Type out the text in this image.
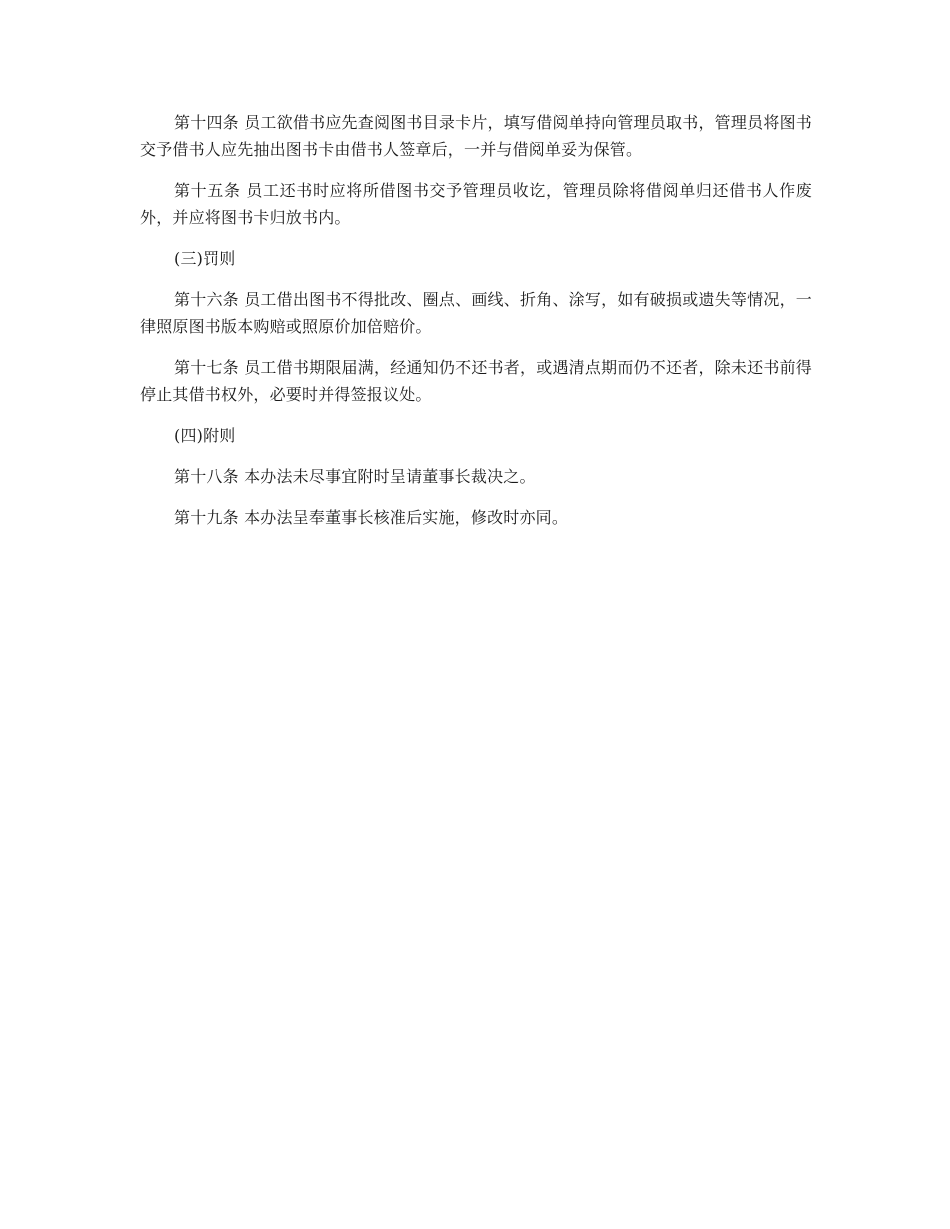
第十四条 员工欲借书应先查阅图书目录卡片，填写借阅单持向管理员取书，管理员将图书交予借书人应先抽出图书卡由借书人签章后，一并与借阅单妥为保管。

第十五条 员工还书时应将所借图书交予管理员收讫，管理员除将借阅单归还借书人作废外，并应将图书卡归放书内。

(三)罚则

第十六条 员工借出图书不得批改、圈点、画线、折角、涂写，如有破损或遗失等情况，一律照原图书版本购赔或照原价加倍赔价。

第十七条 员工借书期限届满，经通知仍不还书者，或遇清点期而仍不还者，除未还书前得停止其借书权外，必要时并得签报议处。

(四)附则

第十八条 本办法未尽事宜附时呈请董事长裁决之。

第十九条 本办法呈奉董事长核准后实施，修改时亦同。
